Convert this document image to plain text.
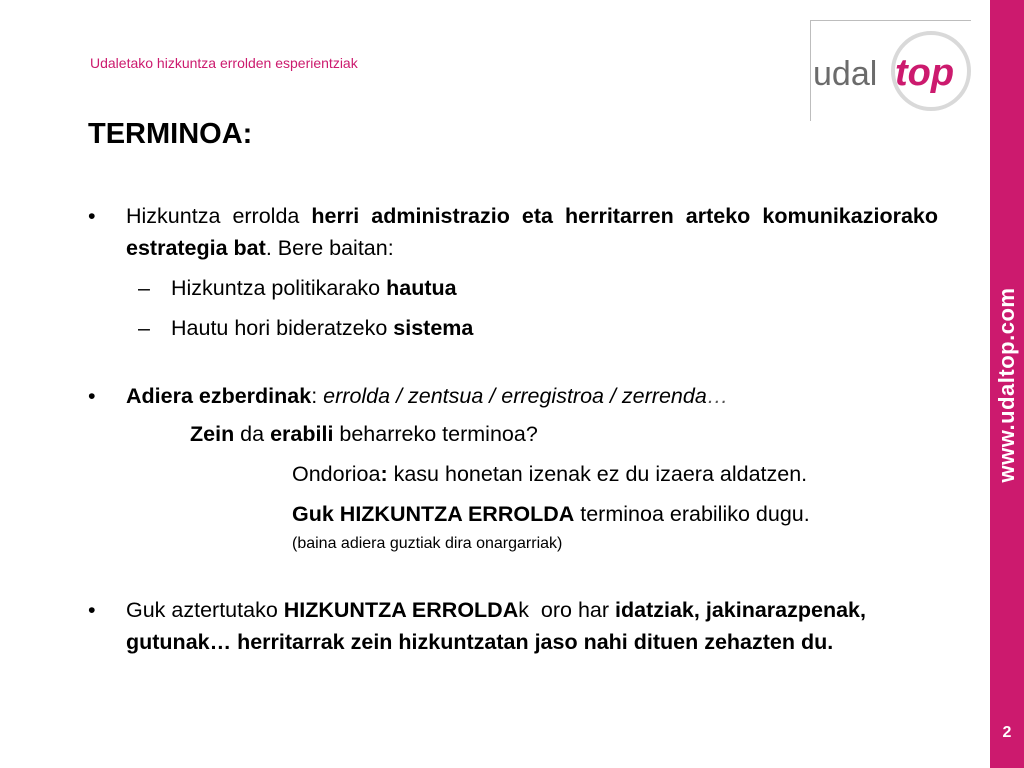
Udaletako hizkuntza errolden esperientziak	udal top
TERMINOA:
• Hizkuntza errolda herri administrazio eta herritarren arteko komunikaziorako estrategia bat. Bere baitan:
– Hizkuntza politikarako hautua
– Hautu hori bideratzeko sistema
• Adiera ezberdinak: errolda / zentsua / erregistroa / zerrenda…
Zein da erabili beharreko terminoa?
Ondorioa: kasu honetan izenak ez du izaera aldatzen.
Guk HIZKUNTZA ERROLDA terminoa erabiliko dugu.
(baina adiera guztiak dira onargarriak)
• Guk aztertutako HIZKUNTZA ERROLDAk  oro har idatziak, jakinarazpenak, gutunak… herritarrak zein hizkuntzatan jaso nahi dituen zehazten du.
www.udaltop.com
2
